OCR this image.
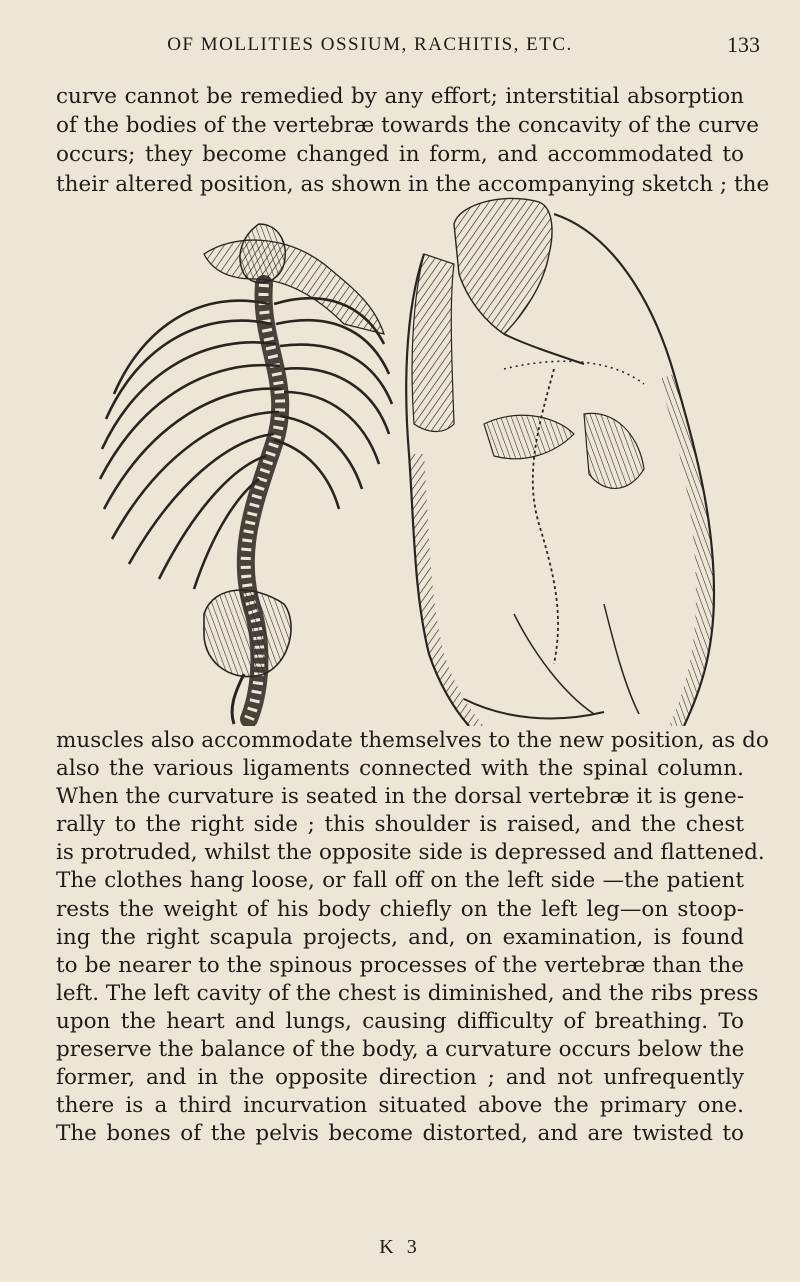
OF MOLLITIES OSSIUM, RACHITIS, ETC.	133
curve cannot be remedied by any effort; interstitial absorption
of the bodies of the vertebræ towards the concavity of the curve
occurs; they become changed in form, and accommodated to
their altered position, as shown in the accompanying sketch ; the
muscles also accommodate themselves to the new position, as do
also the various ligaments connected with the spinal column.
When the curvature is seated in the dorsal vertebræ it is gene-
rally to the right side ; this shoulder is raised, and the chest
is protruded, whilst the opposite side is depressed and flattened.
The clothes hang loose, or fall off on the left side —the patient
rests the weight of his body chiefly on the left leg—on stoop-
ing the right scapula projects, and, on examination, is found
to be nearer to the spinous processes of the vertebræ than the
left. The left cavity of the chest is diminished, and the ribs press
upon the heart and lungs, causing difficulty of breathing. To
preserve the balance of the body, a curvature occurs below the
former, and in the opposite direction ; and not unfrequently
there is a third incurvation situated above the primary one.
The bones of the pelvis become distorted, and are twisted to
K 3
